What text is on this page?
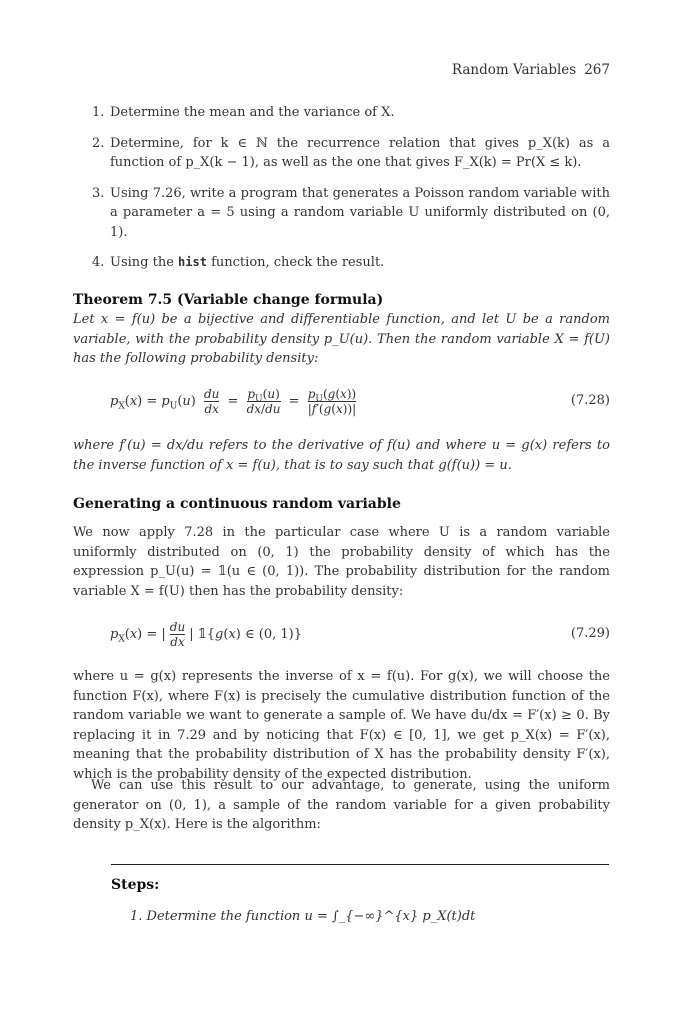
Random Variables 267
1. Determine the mean and the variance of X.
2. Determine, for k ∈ ℕ the recurrence relation that gives p_X(k) as a function of p_X(k − 1), as well as the one that gives F_X(k) = Pr(X ≤ k).
3. Using 7.26, write a program that generates a Poisson random variable with a parameter a = 5 using a random variable U uniformly distributed on (0, 1).
4. Using the hist function, check the result.
Theorem 7.5 (Variable change formula)
Let x = f(u) be a bijective and differentiable function, and let U be a random variable, with the probability density p_U(u). Then the random variable X = f(U) has the following probability density:
$p_X(x) = p_U(u) \frac{du}{dx} = \frac{p_U(u)}{dx/du} = \frac{p_U(g(x))}{|f'(g(x))|}$	(7.28)
where f′(u) = dx/du refers to the derivative of f(u) and where u = g(x) refers to the inverse function of x = f(u), that is to say such that g(f(u)) = u.
Generating a continuous random variable
We now apply 7.28 in the particular case where U is a random variable uniformly distributed on (0, 1) the probability density of which has the expression p_U(u) = 𝟙(u ∈ (0, 1)). The probability distribution for the random variable X = f(U) then has the probability density:
$p_X(x)$ = | $\frac{du}{dx}$ | 𝟙{g(x) ∈ (0, 1)}	(7.29)
where u = g(x) represents the inverse of x = f(u). For g(x), we will choose the function F(x), where F(x) is precisely the cumulative distribution function of the random variable we want to generate a sample of. We have du/dx = F′(x) ≥ 0. By replacing it in 7.29 and by noticing that F(x) ∈ [0, 1], we get p_X(x) = F′(x), meaning that the probability distribution of X has the probability density F′(x), which is the probability density of the expected distribution.
We can use this result to our advantage, to generate, using the uniform generator on (0, 1), a sample of the random variable for a given probability density p_X(x). Here is the algorithm:
Steps:
1. Determine the function u = ∫_{−∞}^{x} p_X(t)dt
